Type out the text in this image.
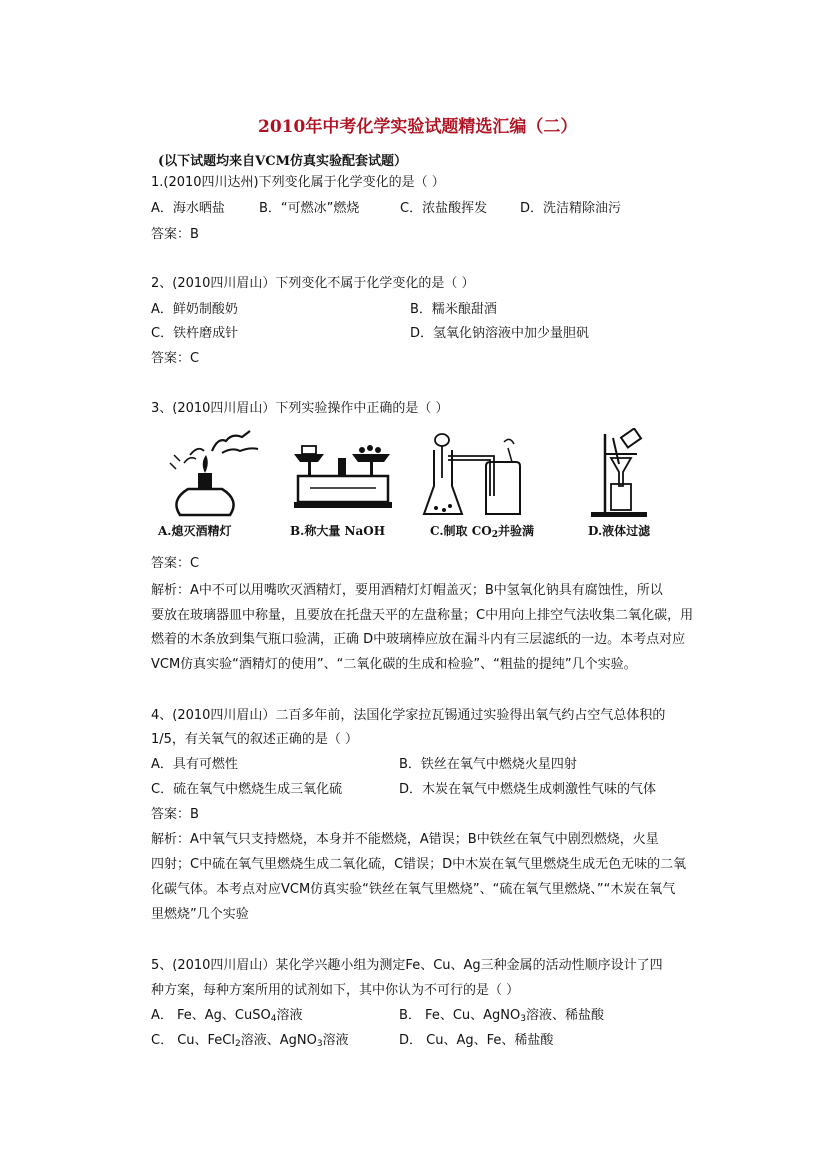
2010年中考化学实验试题精选汇编（二）
(以下试题均来自VCM仿真实验配套试题）
1.(2010四川达州)下列变化属于化学变化的是（ ）
A．海水晒盐	B．“可燃冰”燃烧	C．浓盐酸挥发	D．洗洁精除油污
答案：B
2、(2010四川眉山）下列变化不属于化学变化的是（ ）
A．鲜奶制酸奶	B．糯米酿甜酒
C．铁杵磨成针	D．氢氧化钠溶液中加少量胆矾
答案：C
3、(2010四川眉山）下列实验操作中正确的是（ ）
A.熄灭酒精灯	B.称大量 NaOH	C.制取 $CO_2$并验满	D.液体过滤
答案：C
解析：A中不可以用嘴吹灭酒精灯，要用酒精灯灯帽盖灭；B中氢氧化钠具有腐蚀性，所以
要放在玻璃器皿中称量，且要放在托盘天平的左盘称量；C中用向上排空气法收集二氧化碳，用
燃着的木条放到集气瓶口验满，正确 D中玻璃棒应放在漏斗内有三层滤纸的一边。本考点对应
VCM仿真实验“酒精灯的使用”、“二氧化碳的生成和检验”、“粗盐的提纯”几个实验。
4、(2010四川眉山）二百多年前，法国化学家拉瓦锡通过实验得出氧气约占空气总体积的
1/5，有关氧气的叙述正确的是（ ）
A．具有可燃性	B．铁丝在氧气中燃烧火星四射
C．硫在氧气中燃烧生成三氧化硫	D．木炭在氧气中燃烧生成刺激性气味的气体
答案：B
解析：A中氧气只支持燃烧，本身并不能燃烧，A错误；B中铁丝在氧气中剧烈燃烧，火星
四射；C中硫在氧气里燃烧生成二氧化硫，C错误；D中木炭在氧气里燃烧生成无色无味的二氧
化碳气体。本考点对应VCM仿真实验“铁丝在氧气里燃烧”、“硫在氧气里燃烧、”“木炭在氧气
里燃烧”几个实验
5、(2010四川眉山）某化学兴趣小组为测定Fe、Cu、Ag三种金属的活动性顺序设计了四
种方案，每种方案所用的试剂如下，其中你认为不可行的是（ ）
A． Fe、Ag、CuSO$_4$溶液	B． Fe、Cu、AgNO$_3$溶液、稀盐酸
C． Cu、FeCl$_2$溶液、AgNO$_3$溶液	D． Cu、Ag、Fe、稀盐酸
